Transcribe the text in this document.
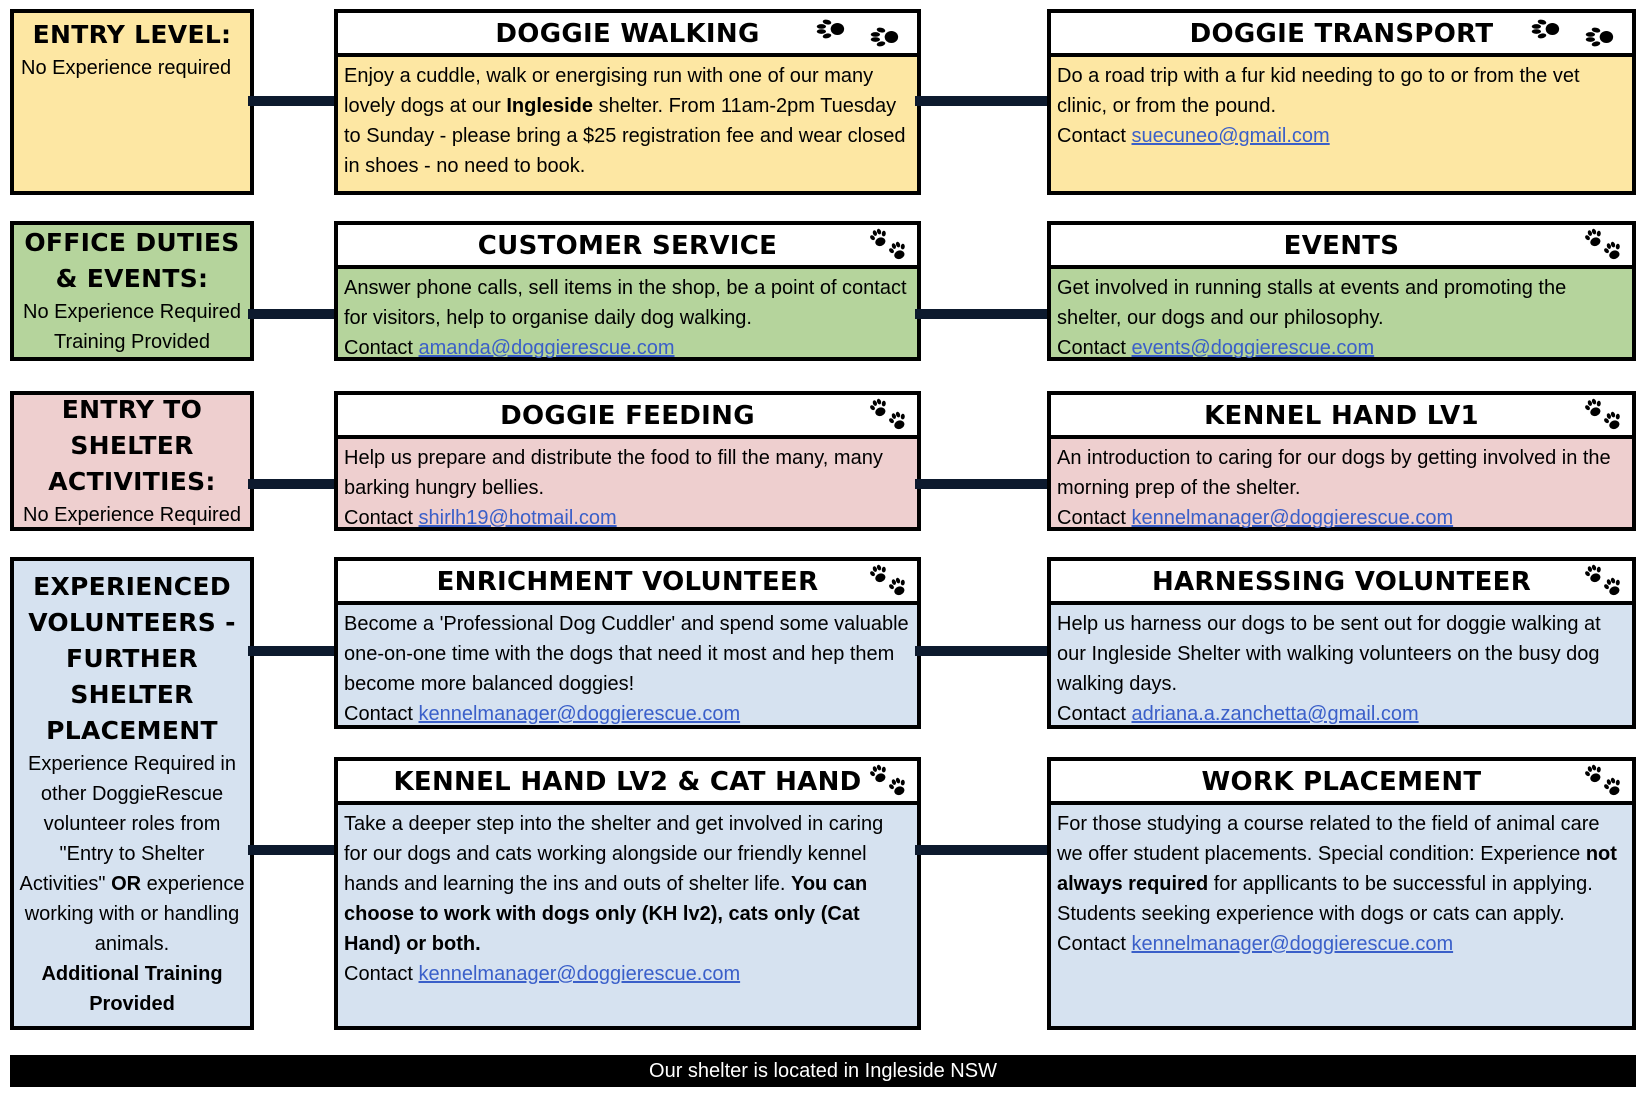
ENTRY LEVEL:
No Experience required
DOGGIE WALKING
Enjoy a cuddle, walk or energising run with one of our many lovely dogs at our Ingleside shelter. From 11am-2pm Tuesday to Sunday - please bring a $25 registration fee and wear closed in shoes - no need to book.
DOGGIE TRANSPORT
Do a road trip with a fur kid needing to go to or from the vet clinic, or from the pound.
Contact suecuneo@gmail.com
OFFICE DUTIES & EVENTS:
No Experience Required
Training Provided
CUSTOMER SERVICE
Answer phone calls, sell items in the shop, be a point of contact for visitors, help to organise daily dog walking.
Contact amanda@doggierescue.com
EVENTS
Get involved in running stalls at events and promoting the shelter, our dogs and our philosophy.
Contact events@doggierescue.com
ENTRY TO SHELTER ACTIVITIES:
No Experience Required
DOGGIE FEEDING
Help us prepare and distribute the food to fill the many, many barking hungry bellies.
Contact shirlh19@hotmail.com
KENNEL HAND LV1
An introduction to caring for our dogs by getting involved in the morning prep of the shelter.
Contact kennelmanager@doggierescue.com
EXPERIENCED VOLUNTEERS - FURTHER SHELTER PLACEMENT
Experience Required in other DoggieRescue volunteer roles from "Entry to Shelter Activities" OR experience working with or handling animals.
Additional Training Provided
ENRICHMENT VOLUNTEER
Become a 'Professional Dog Cuddler' and spend some valuable one-on-one time with the dogs that need it most and hep them become more balanced doggies!
Contact kennelmanager@doggierescue.com
HARNESSING VOLUNTEER
Help us harness our dogs to be sent out for doggie walking at our Ingleside Shelter with walking volunteers on the busy dog walking days.
Contact adriana.a.zanchetta@gmail.com
KENNEL HAND LV2 & CAT HAND
Take a deeper step into the shelter and get involved in caring for our dogs and cats working alongside our friendly kennel hands and learning the ins and outs of shelter life. You can choose to work with dogs only (KH lv2), cats only (Cat Hand) or both.
Contact kennelmanager@doggierescue.com
WORK PLACEMENT
For those studying a course related to the field of animal care we offer student placements. Special condition: Experience not always required for appllicants to be successful in applying. Students seeking experience with dogs or cats can apply.
Contact kennelmanager@doggierescue.com
Our shelter is located in Ingleside NSW
